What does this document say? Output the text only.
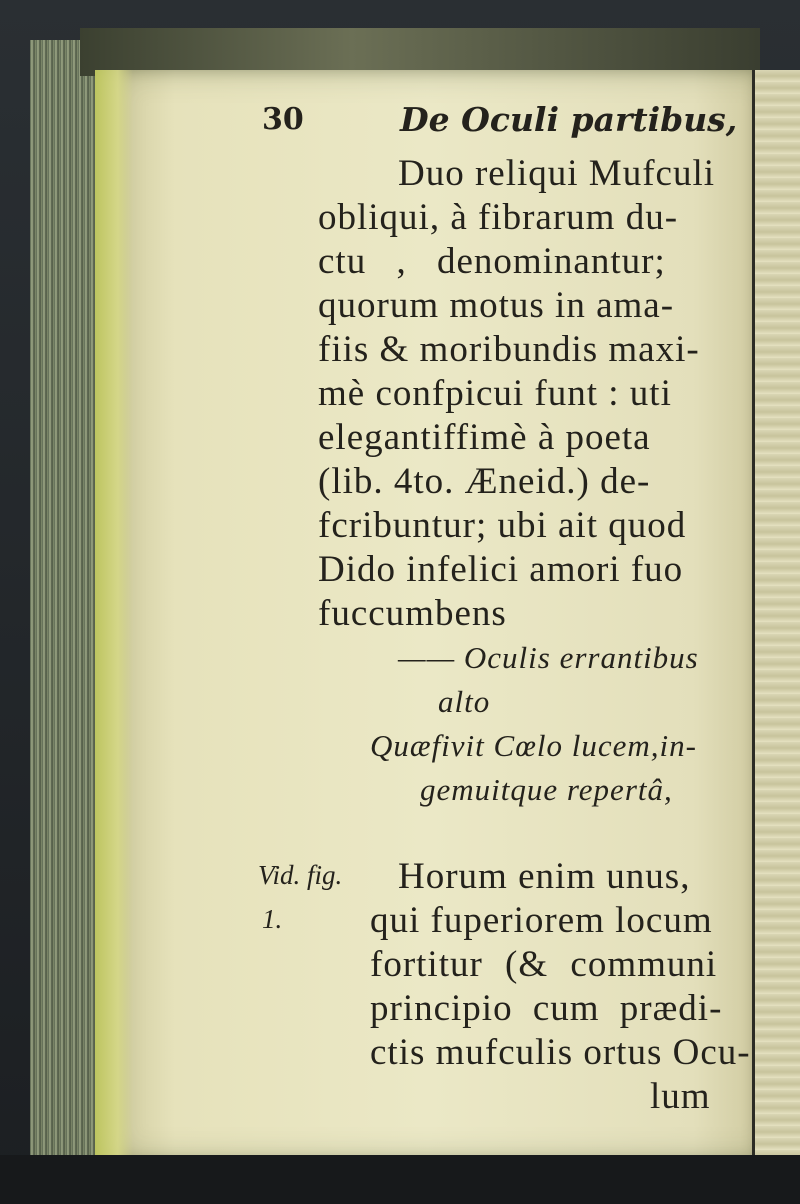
30	De Oculi partibus,
Duo reliqui Mufculi
obliqui, à fibrarum du-
ctu , denominantur;
quorum motus in ama-
fiis & moribundis maxi-
mè confpicui funt : uti
elegantiffimè à poeta
(lib. 4to. Æneid.) de-
fcribuntur; ubi ait quod
Dido infelici amori fuo
fuccumbens
—— Oculis errantibus
alto
Quæfivit Cœlo lucem,in-
gemuitque repertâ,
Vid. fig.
1.
Horum enim unus,
qui fuperiorem locum
fortitur (& communi
principio cum prædi-
ctis mufculis ortus Ocu-
lum
